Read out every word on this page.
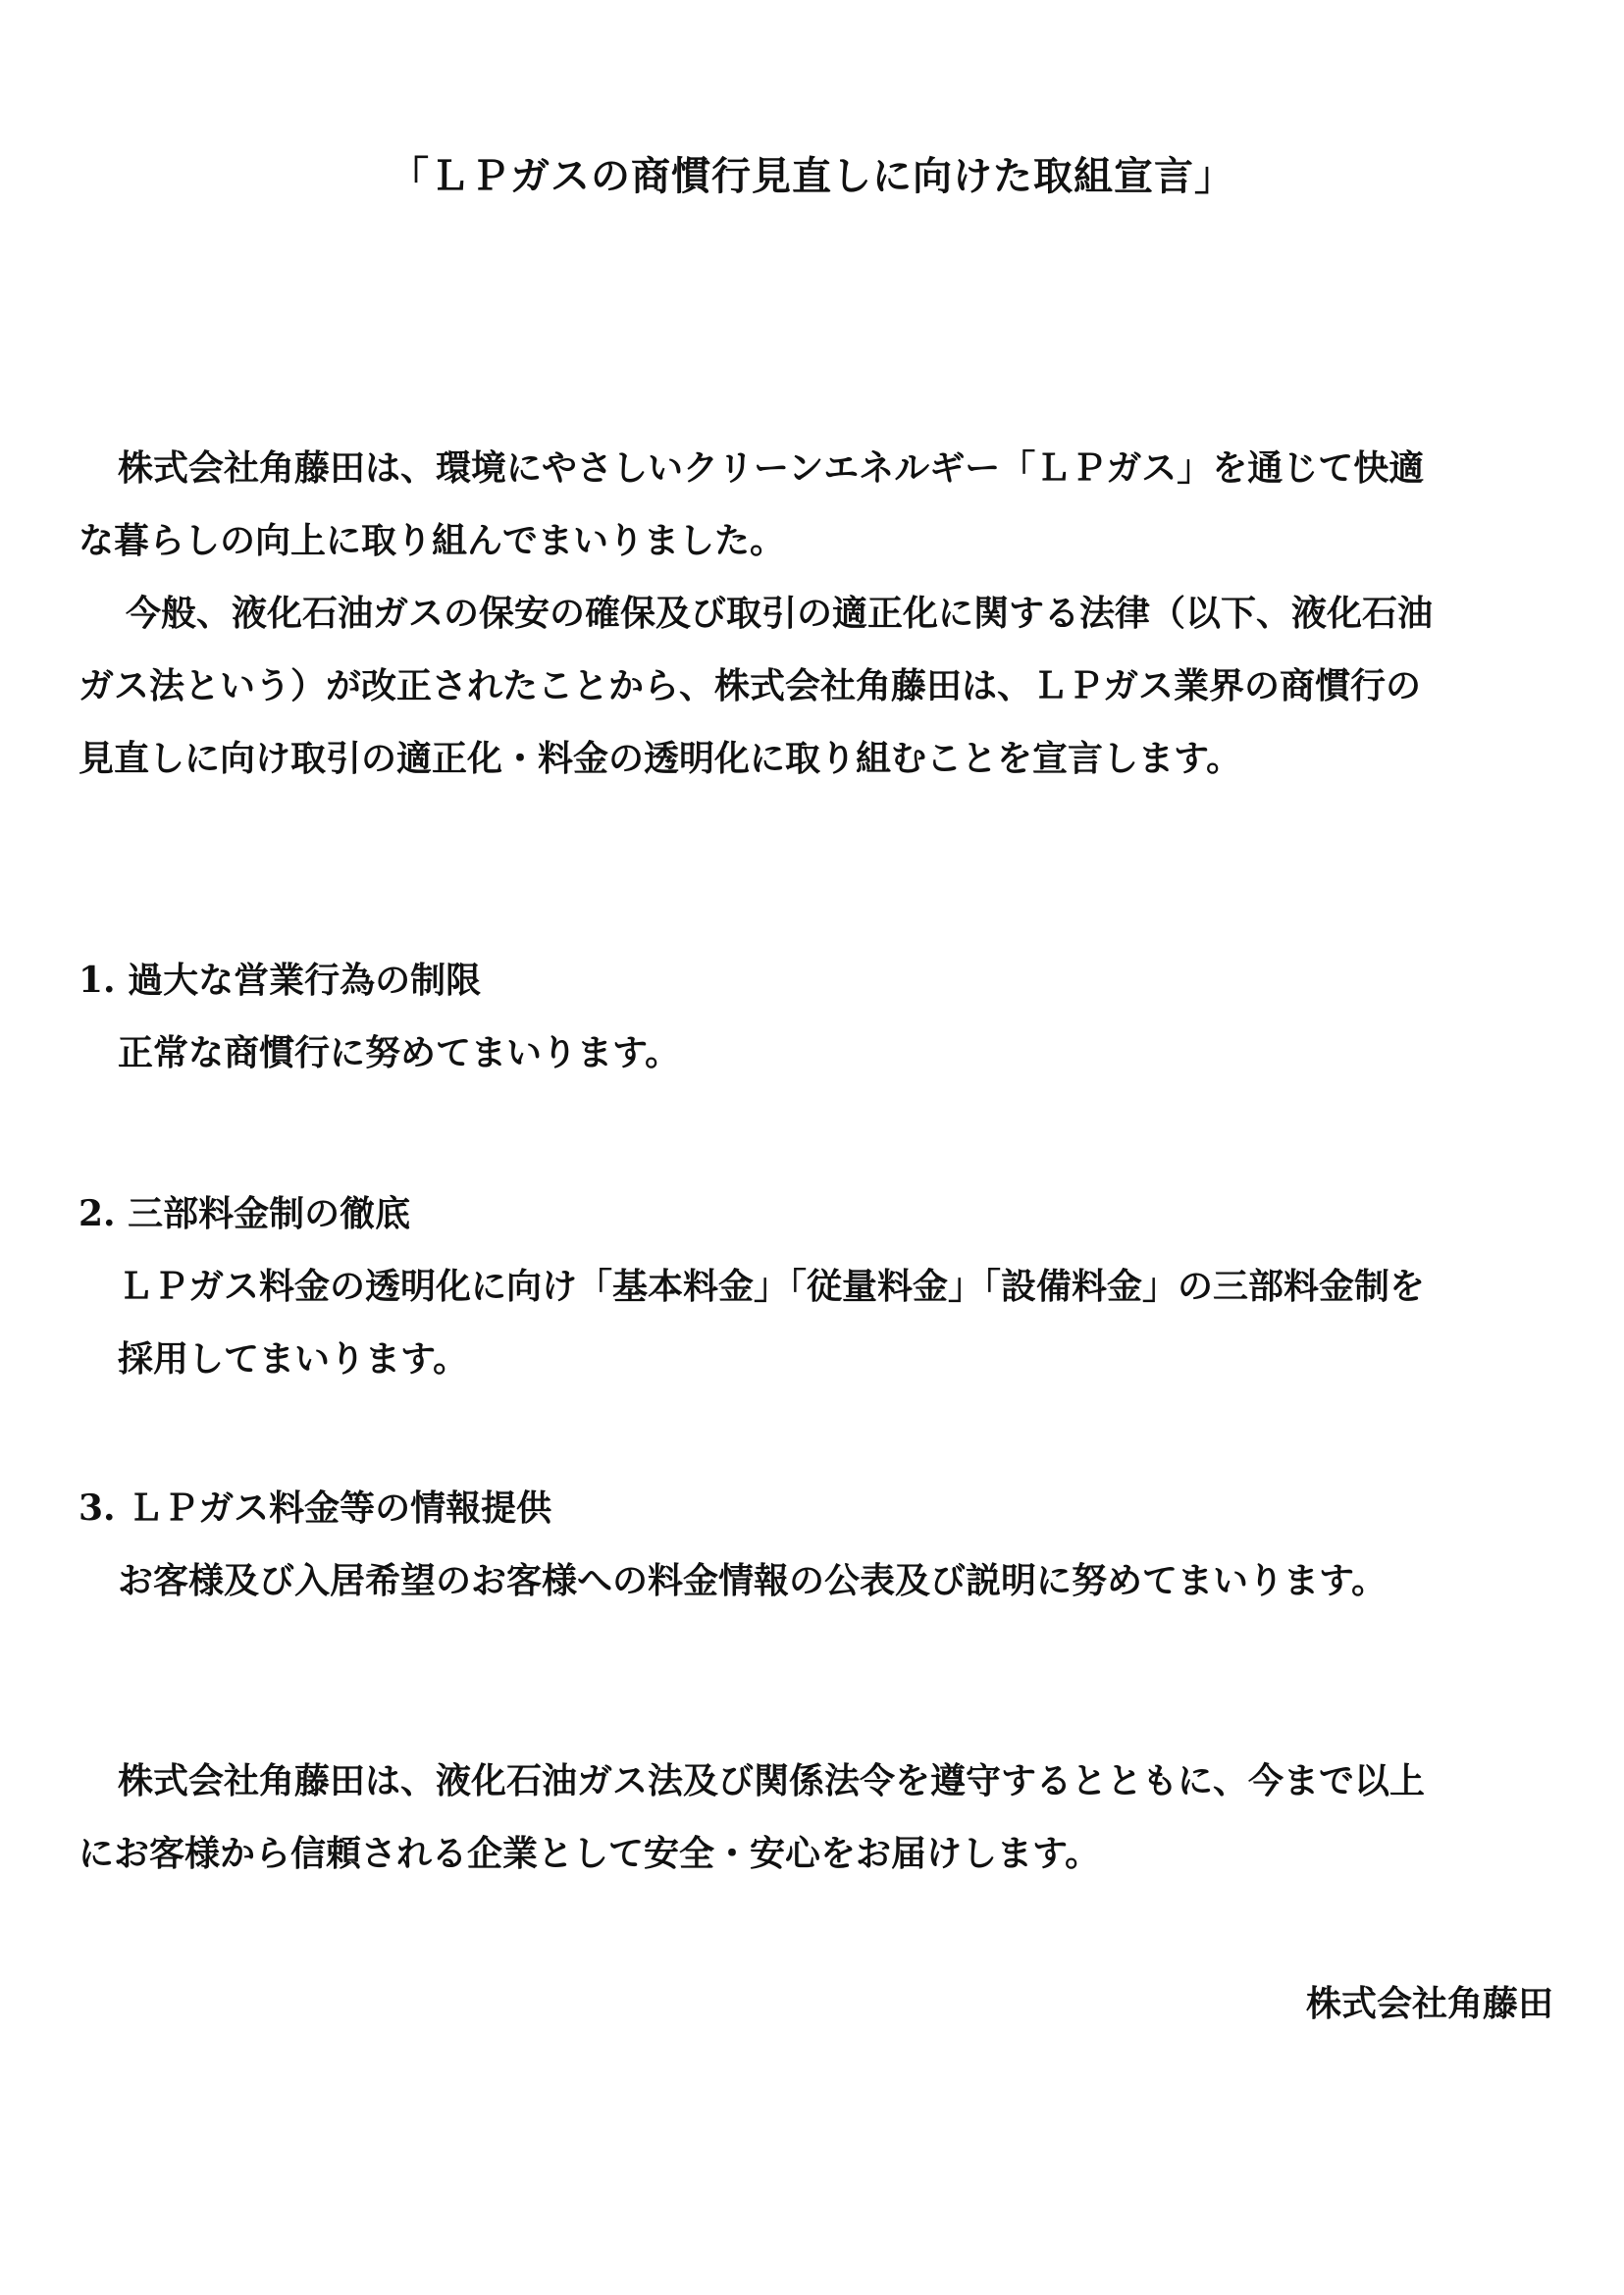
「ＬＰガスの商慣行見直しに向けた取組宣言」
株式会社角藤田は、環境にやさしいクリーンエネルギー「ＬＰガス」を通じて快適
な暮らしの向上に取り組んでまいりました。
今般、液化石油ガスの保安の確保及び取引の適正化に関する法律（以下、液化石油
ガス法という）が改正されたことから、株式会社角藤田は、ＬＰガス業界の商慣行の
見直しに向け取引の適正化・料金の透明化に取り組むことを宣言します。
1. 過大な営業行為の制限
正常な商慣行に努めてまいります。
2. 三部料金制の徹底
ＬＰガス料金の透明化に向け「基本料金」「従量料金」「設備料金」の三部料金制を
採用してまいります。
3. ＬＰガス料金等の情報提供
お客様及び入居希望のお客様への料金情報の公表及び説明に努めてまいります。
株式会社角藤田は、液化石油ガス法及び関係法令を遵守するとともに、今まで以上
にお客様から信頼される企業として安全・安心をお届けします。
株式会社角藤田
